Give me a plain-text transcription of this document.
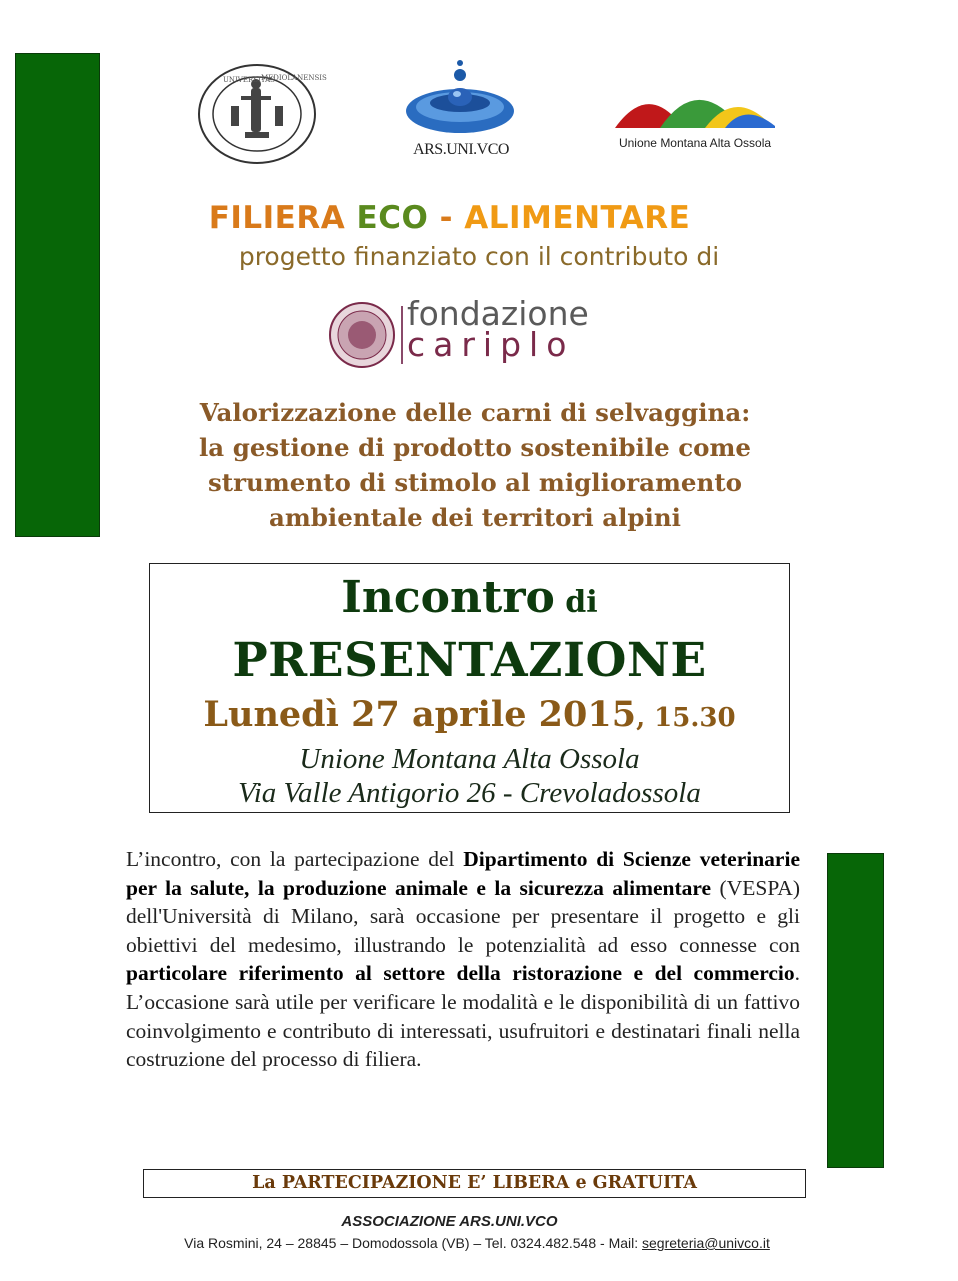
UNIVERSITAS
MEDIOLANENSIS
ARS.UNI.VCO	Unione Montana Alta Ossola
FILIERA ECO - ALIMENTARE
progetto finanziato con il contributo di
fondazione
cariplo
Valorizzazione delle carni di selvaggina:
la gestione di prodotto sostenibile come
strumento di stimolo al miglioramento
ambientale dei territori alpini
Incontro di
PRESENTAZIONE
Lunedì 27 aprile 2015, 15.30
Unione Montana Alta Ossola
Via Valle Antigorio 26 - Crevoladossola
L’incontro, con la partecipazione del Dipartimento di Scienze veterinarie per la salute, la produzione animale e la sicurezza alimentare (VESPA) dell'Università di Milano, sarà occasione per presentare il progetto e gli obiettivi del medesimo, illustrando le potenzialità ad esso connesse con particolare riferimento al settore della ristorazione e del commercio. L’occasione sarà utile per verificare le modalità e le disponibilità di un fattivo coinvolgimento e contributo di interessati, usufruitori e destinatari finali nella costruzione del processo di filiera.
La PARTECIPAZIONE E’ LIBERA e GRATUITA
ASSOCIAZIONE ARS.UNI.VCO
Via Rosmini, 24 – 28845 – Domodossola (VB) – Tel. 0324.482.548 - Mail: segreteria@univco.it
